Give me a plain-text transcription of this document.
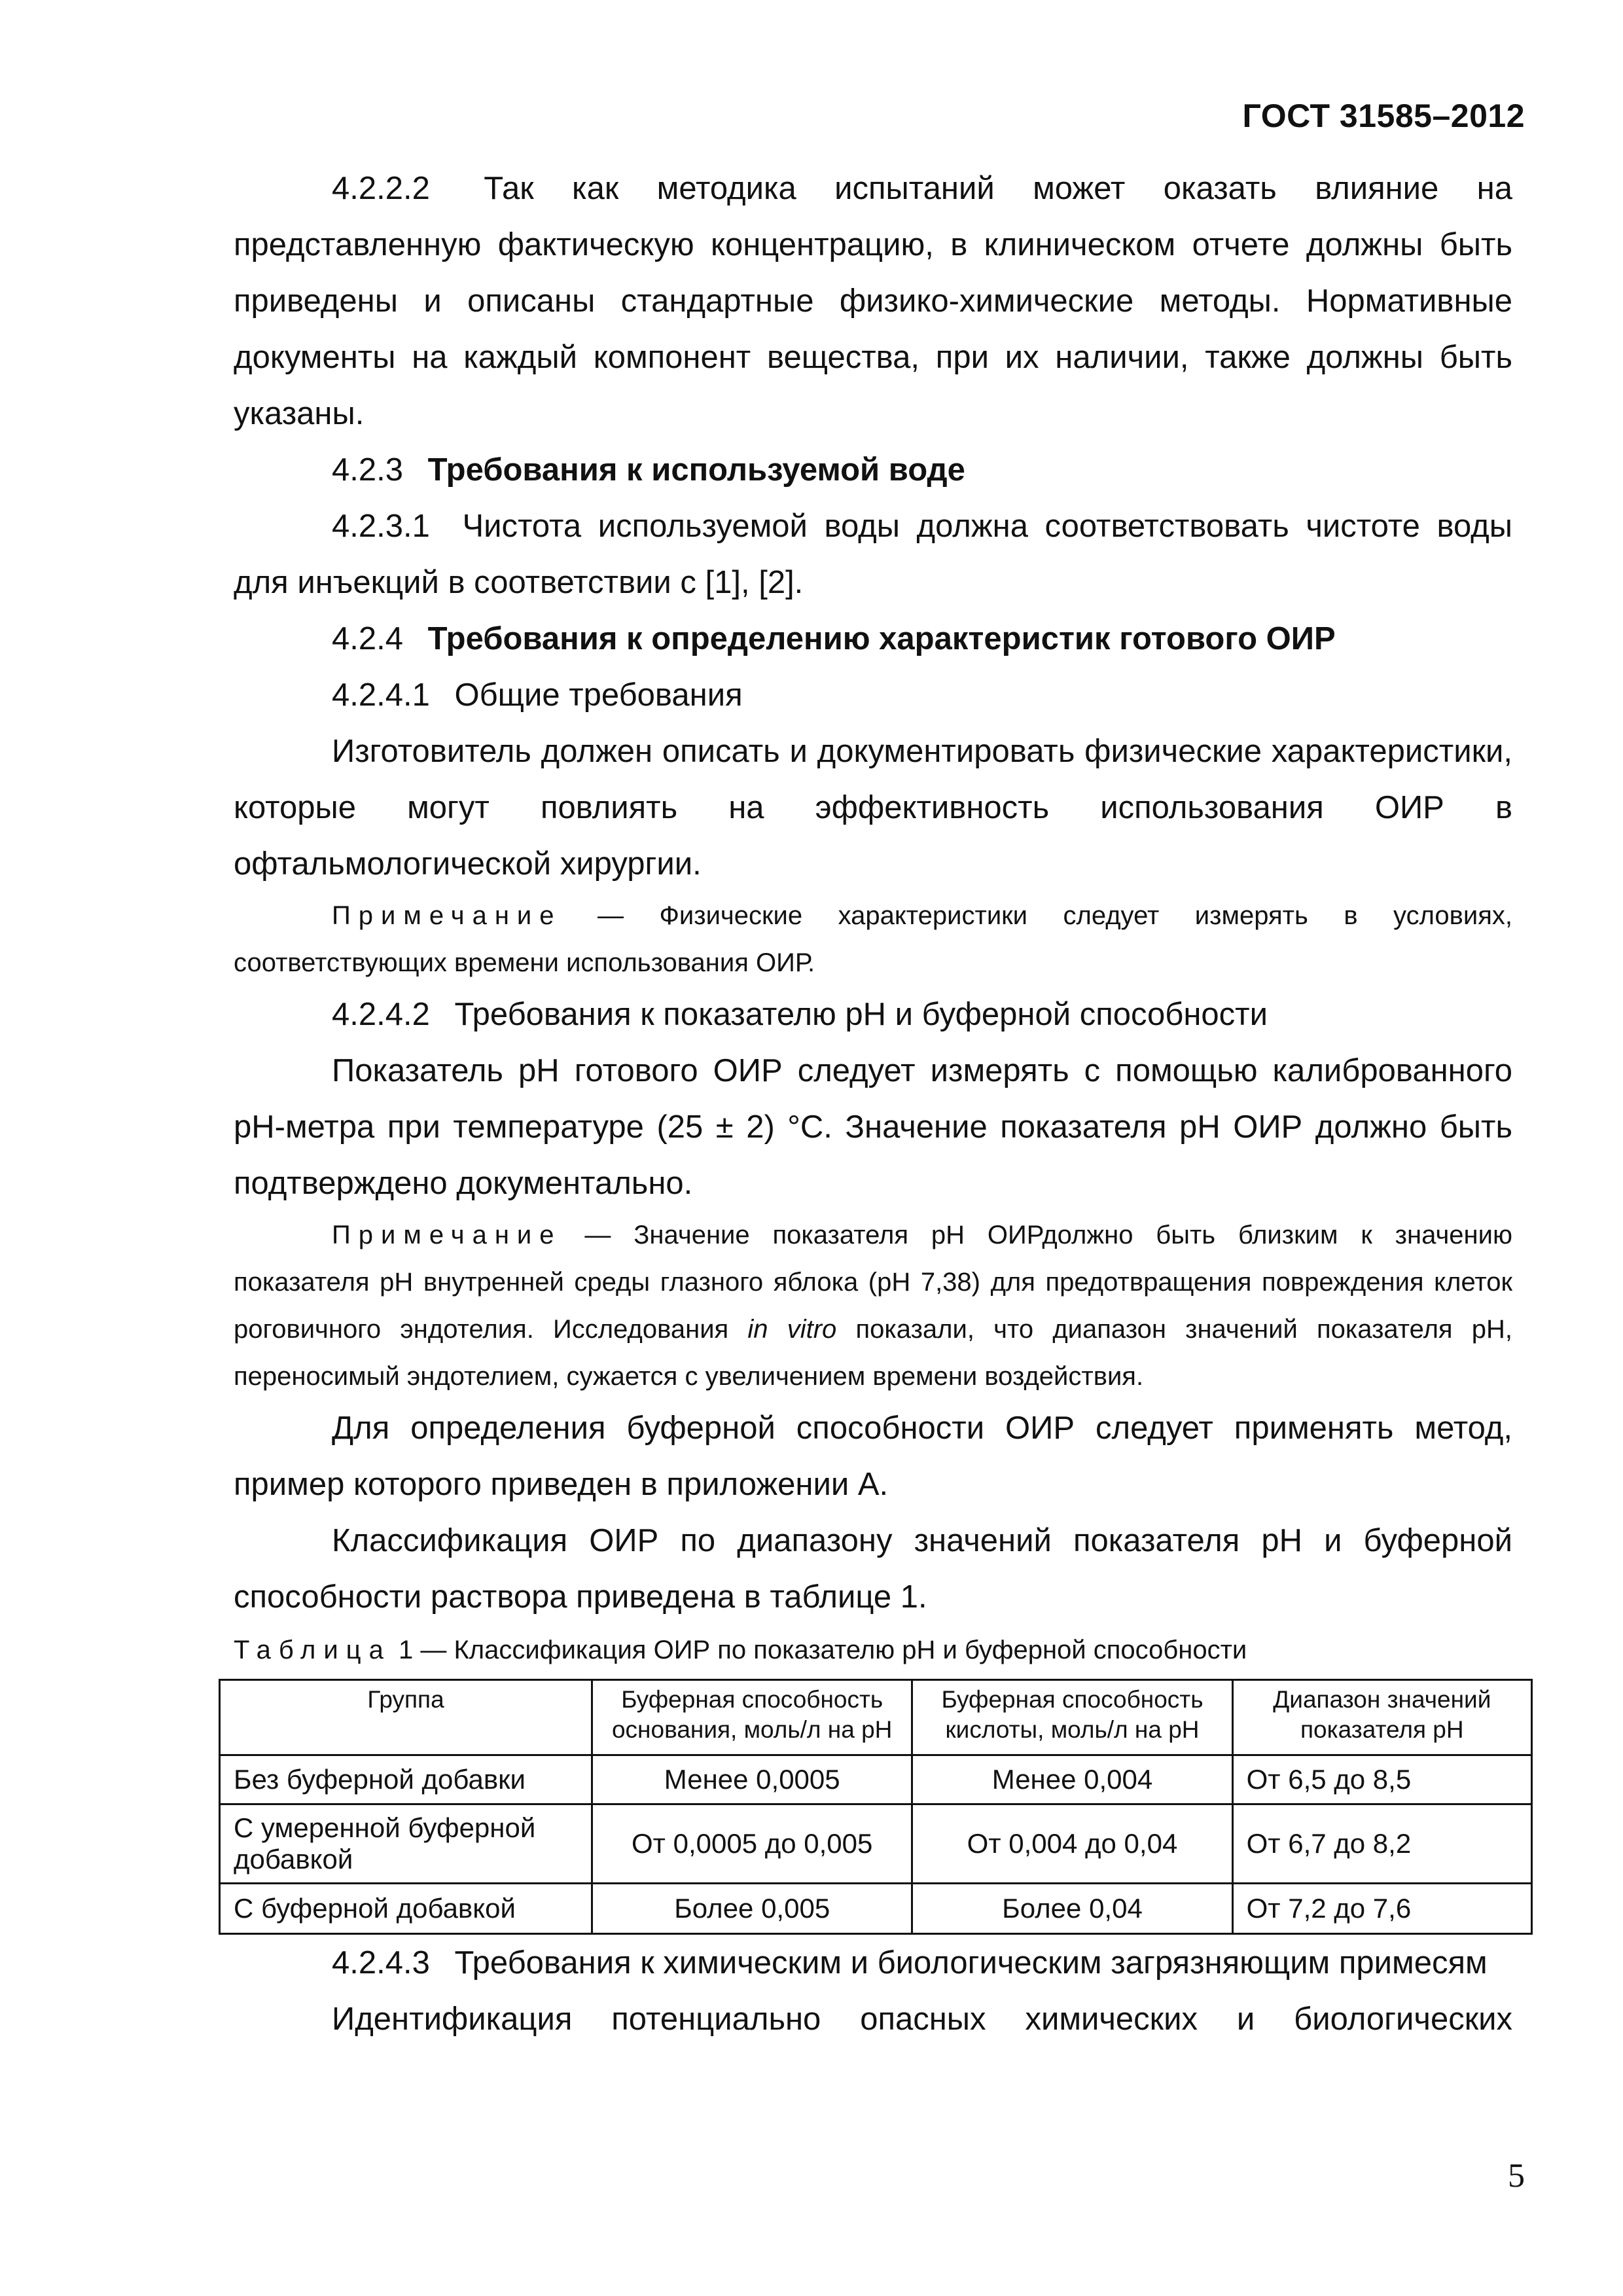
ГОСТ 31585–2012

4.2.2.2 Так как методика испытаний может оказать влияние на представленную фактическую концентрацию, в клиническом отчете должны быть приведены и описаны стандартные физико-химические методы. Нормативные документы на каждый компонент вещества, при их наличии, также должны быть указаны.

4.2.3 Требования к используемой воде

4.2.3.1 Чистота используемой воды должна соответствовать чистоте воды для инъекций в соответствии с [1], [2].

4.2.4 Требования к определению характеристик готового ОИР

4.2.4.1 Общие требования

Изготовитель должен описать и документировать физические характеристики, которые могут повлиять на эффективность использования ОИР в офтальмологической хирургии.

Примечание — Физические характеристики следует измерять в условиях, соответствующих времени использования ОИР.

4.2.4.2 Требования к показателю рН и буферной способности

Показатель рН готового ОИР следует измерять с помощью калиброванного рН-метра при температуре (25 ± 2) °С. Значение показателя рН ОИР должно быть подтверждено документально.

Примечание — Значение показателя рН ОИРдолжно быть близким к значению показателя рН внутренней среды глазного яблока (рН 7,38) для предотвращения повреждения клеток роговичного эндотелия. Исследования in vitro показали, что диапазон значений показателя рН, переносимый эндотелием, сужается с увеличением времени воздействия.

Для определения буферной способности ОИР следует применять метод, пример которого приведен в приложении А.

Классификация ОИР по диапазону значений показателя рН и буферной способности раствора приведена в таблице 1.

Таблица 1 — Классификация ОИР по показателю рН и буферной способности

Группа	Буферная способность основания, моль/л на рН	Буферная способность кислоты, моль/л на рН	Диапазон значений показателя рН
Без буферной добавки	Менее 0,0005	Менее 0,004	От 6,5 до 8,5
С умеренной буферной добавкой	От 0,0005 до 0,005	От 0,004 до 0,04	От 6,7 до 8,2
С буферной добавкой	Более 0,005	Более 0,04	От 7,2 до 7,6

4.2.4.3 Требования к химическим и биологическим загрязняющим примесям

Идентификация потенциально опасных химических и биологических

5
